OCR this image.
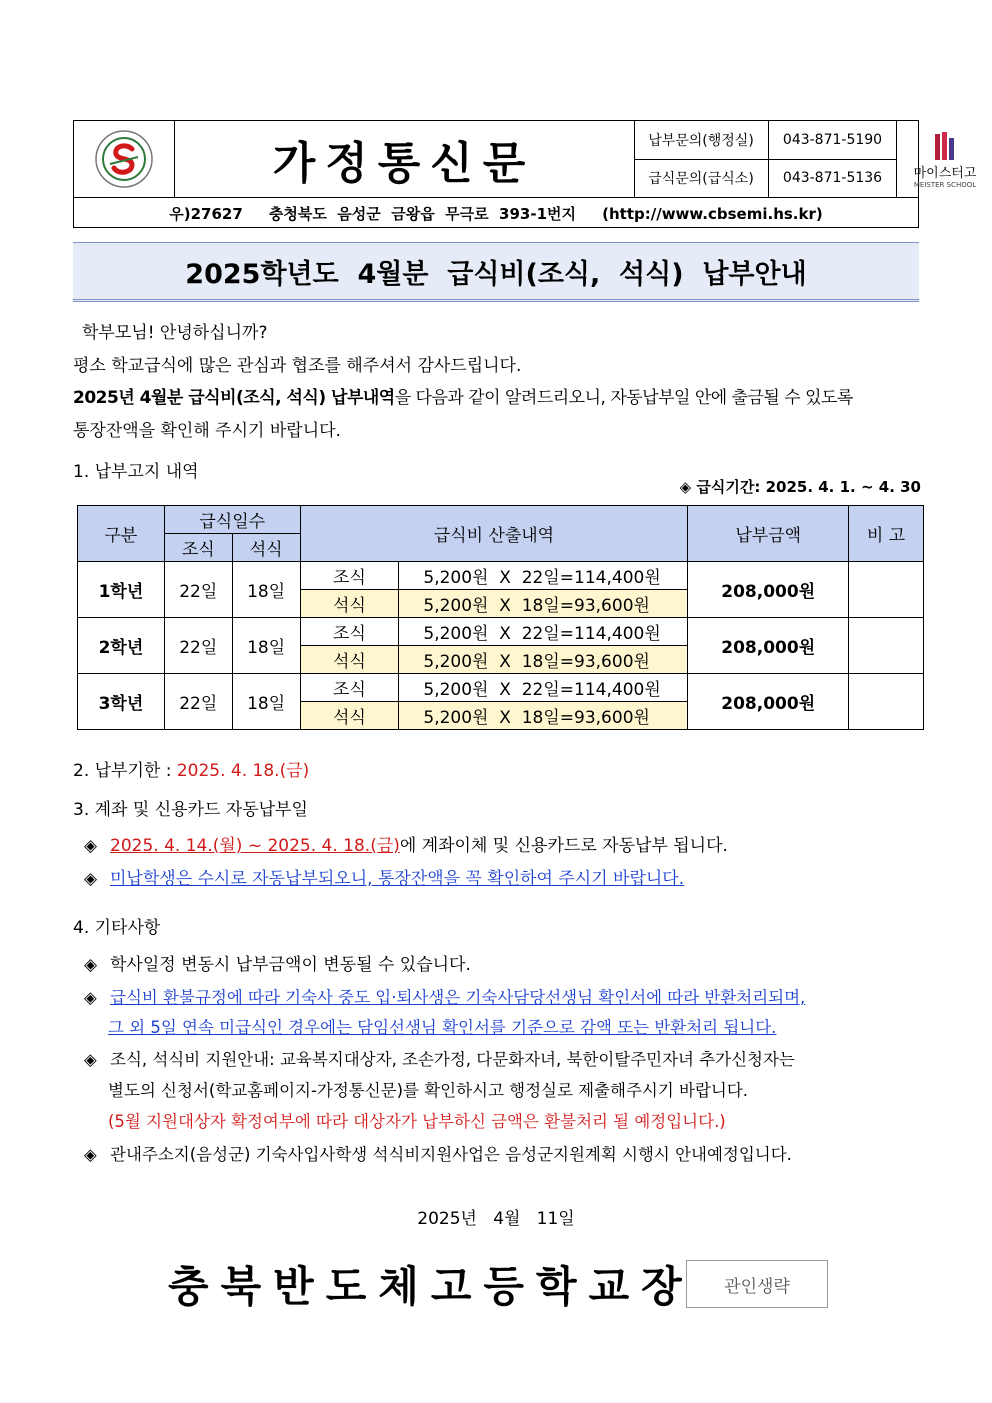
가정통신문	납부문의(행정실)	043-871-5190
급식문의(급식소)	043-871-5136	마이스터고
MEISTER SCHOOL
우)27627     충청북도  음성군  금왕읍  무극로  393-1번지     (http://www.cbsemi.hs.kr)
2025학년도  4월분  급식비(조식,  석식)  납부안내
학부모님! 안녕하십니까?
평소 학교급식에 많은 관심과 협조를 해주셔서 감사드립니다.
2025년 4월분 급식비(조식, 석식) 납부내역을 다음과 같이 알려드리오니, 자동납부일 안에 출금될 수 있도록
통장잔액을 확인해 주시기 바랍니다.
1. 납부고지 내역
◈ 급식기간: 2025. 4. 1. ~ 4. 30
구분	급식일수		급식비 산출내역		납부금액	비 고
	조식	석식				
1학년	22일	18일	조식	5,200원  X  22일=114,400원	208,000원	
			석식	5,200원  X  18일=93,600원		
2학년	22일	18일	조식	5,200원  X  22일=114,400원	208,000원	
			석식	5,200원  X  18일=93,600원		
3학년	22일	18일	조식	5,200원  X  22일=114,400원	208,000원	
			석식	5,200원  X  18일=93,600원		
2. 납부기한 : 2025. 4. 18.(금)
3. 계좌 및 신용카드 자동납부일
◈ 2025. 4. 14.(월) ~ 2025. 4. 18.(금)에 계좌이체 및 신용카드로 자동납부 됩니다.
◈ 미납학생은 수시로 자동납부되오니, 통장잔액을 꼭 확인하여 주시기 바랍니다.
4. 기타사항
◈ 학사일정 변동시 납부금액이 변동될 수 있습니다.
◈ 급식비 환불규정에 따라 기숙사 중도 입·퇴사생은 기숙사담당선생님 확인서에 따라 반환처리되며,
그 외 5일 연속 미급식인 경우에는 담임선생님 확인서를 기준으로 감액 또는 반환처리 됩니다.
◈ 조식, 석식비 지원안내: 교육복지대상자, 조손가정, 다문화자녀, 북한이탈주민자녀 추가신청자는
별도의 신청서(학교홈페이지-가정통신문)를 확인하시고 행정실로 제출해주시기 바랍니다.
(5월 지원대상자 확정여부에 따라 대상자가 납부하신 금액은 환불처리 될 예정입니다.)
◈ 관내주소지(음성군) 기숙사입사학생 석식비지원사업은 음성군지원계획 시행시 안내예정입니다.
2025년   4월   11일
충북반도체고등학교장	관인생략
